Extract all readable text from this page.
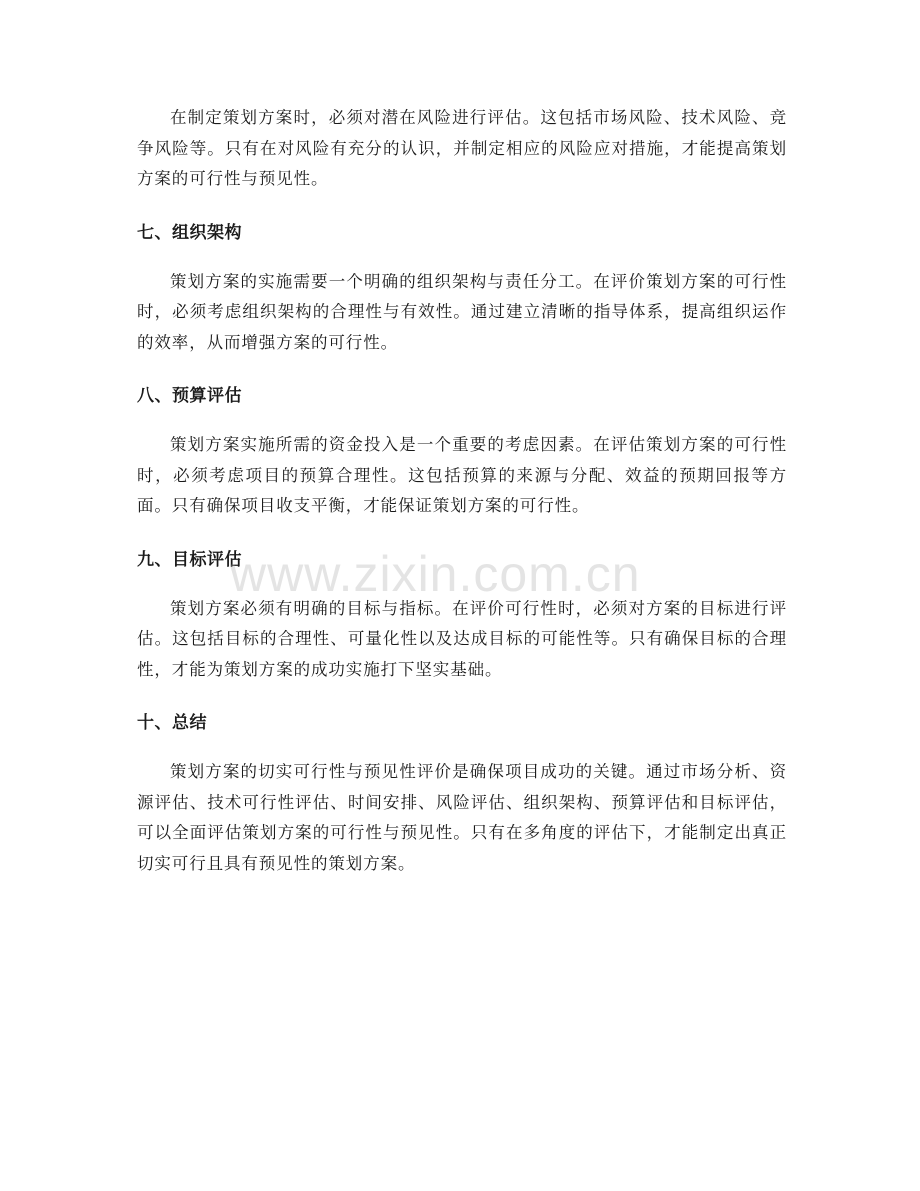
在制定策划方案时，必须对潜在风险进行评估。这包括市场风险、技术风险、竞争风险等。只有在对风险有充分的认识，并制定相应的风险应对措施，才能提高策划方案的可行性与预见性。

七、组织架构

策划方案的实施需要一个明确的组织架构与责任分工。在评价策划方案的可行性时，必须考虑组织架构的合理性与有效性。通过建立清晰的指导体系，提高组织运作的效率，从而增强方案的可行性。

八、预算评估

策划方案实施所需的资金投入是一个重要的考虑因素。在评估策划方案的可行性时，必须考虑项目的预算合理性。这包括预算的来源与分配、效益的预期回报等方面。只有确保项目收支平衡，才能保证策划方案的可行性。

九、目标评估

策划方案必须有明确的目标与指标。在评价可行性时，必须对方案的目标进行评估。这包括目标的合理性、可量化性以及达成目标的可能性等。只有确保目标的合理性，才能为策划方案的成功实施打下坚实基础。

十、总结

策划方案的切实可行性与预见性评价是确保项目成功的关键。通过市场分析、资源评估、技术可行性评估、时间安排、风险评估、组织架构、预算评估和目标评估，可以全面评估策划方案的可行性与预见性。只有在多角度的评估下，才能制定出真正切实可行且具有预见性的策划方案。

www.zixin.com.cn
